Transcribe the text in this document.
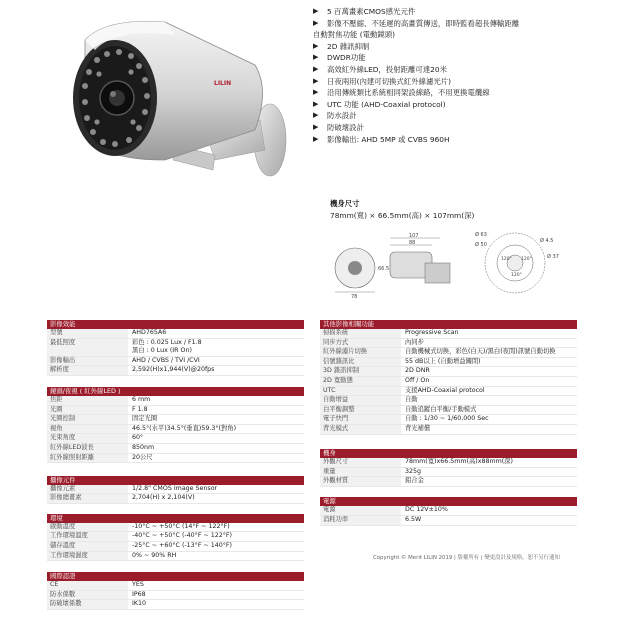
LILIN
▶	5 百萬畫素CMOS感光元件
▶	影像不壓縮、不延遲的高畫質傳送，即時監看超長傳輸距離
自動對焦功能 (電動鏡頭)
▶	2D 雜訊抑制
▶	DWDR功能
▶	高效紅外線LED，投射距離可達20米
▶	日夜兩用(內建可切換式紅外線濾光片)
▶	沿用傳統類比系統相同架設線路，不用更換電纜線
▶	UTC 功能 (AHD-Coaxial protocol)
▶	防水設計
▶	防破壞設計
▶	影像輸出: AHD 5MP 或 CVBS 960H
機身尺寸
78mm(寬) × 66.5mm(高) × 107mm(深)
78
107
88
66.5
Ø 63
Ø 50
Ø 4.5
Ø 37
120° 120°
120°
Copyright © Merit LILIN 2019 | 版權所有 | 變更設計及規格，恕不另行通知
影像效能
型號	AHD765A6
最低照度	彩色 : 0.025 Lux / F1.8
黑白 : 0 Lux (IR On)
影像輸出	AHD / CVBS / TVI /CVI
解析度	2,592(H)x1,944(V)@20fps
鏡頭/夜視 ( 紅外線LED )
焦距	6 mm
光圈	F 1.8
光圈控制	固定光圈
視角	46.5°(水平)34.5°(垂直)59.3°(對角)
光束角度	60°
紅外線LED波長	850nm
紅外線照射距離	20公尺
攝像元件
攝像元素	1/2.8" CMOS Image Sensor
影像總畫素	2,704(H) x 2,104(V)
環境
啟動溫度	-10°C ~ +50°C (14°F ~ 122°F)
工作環境溫度	-40°C ~ +50°C (-40°F ~ 122°F)
儲存溫度	-25°C ~ +60°C (-13°F ~ 140°F)
工作環境濕度	0% ~ 90% RH
國際認證
CE	YES
防水係數	IP68
防破壞係數	IK10
其他影像相關功能
掃描系統	Progressive Scan
同步方式	內同步
紅外線濾片切換	自動機械式切換，彩色(白天)/黑白(夜間)訊號自動切換
信號雜訊比	55 dB以上 (自動增益關閉)
3D 雜訊抑制	2D DNR
2D 寬動態	Off / On
UTC	支援AHD-Coaxial protocol
自動增益	自動
白平衡調整	自動追蹤白平衡/手動模式
電子快門	自動 : 1/30 ~ 1/60,000 Sec
背光模式	背光補償
機身
外觀尺寸	78mm(寬)x66.5mm(高)x88mm(深)
重量	325g
外觀材質	鋁合金
電源
電源	DC 12V±10%
消耗功率	6.5W
